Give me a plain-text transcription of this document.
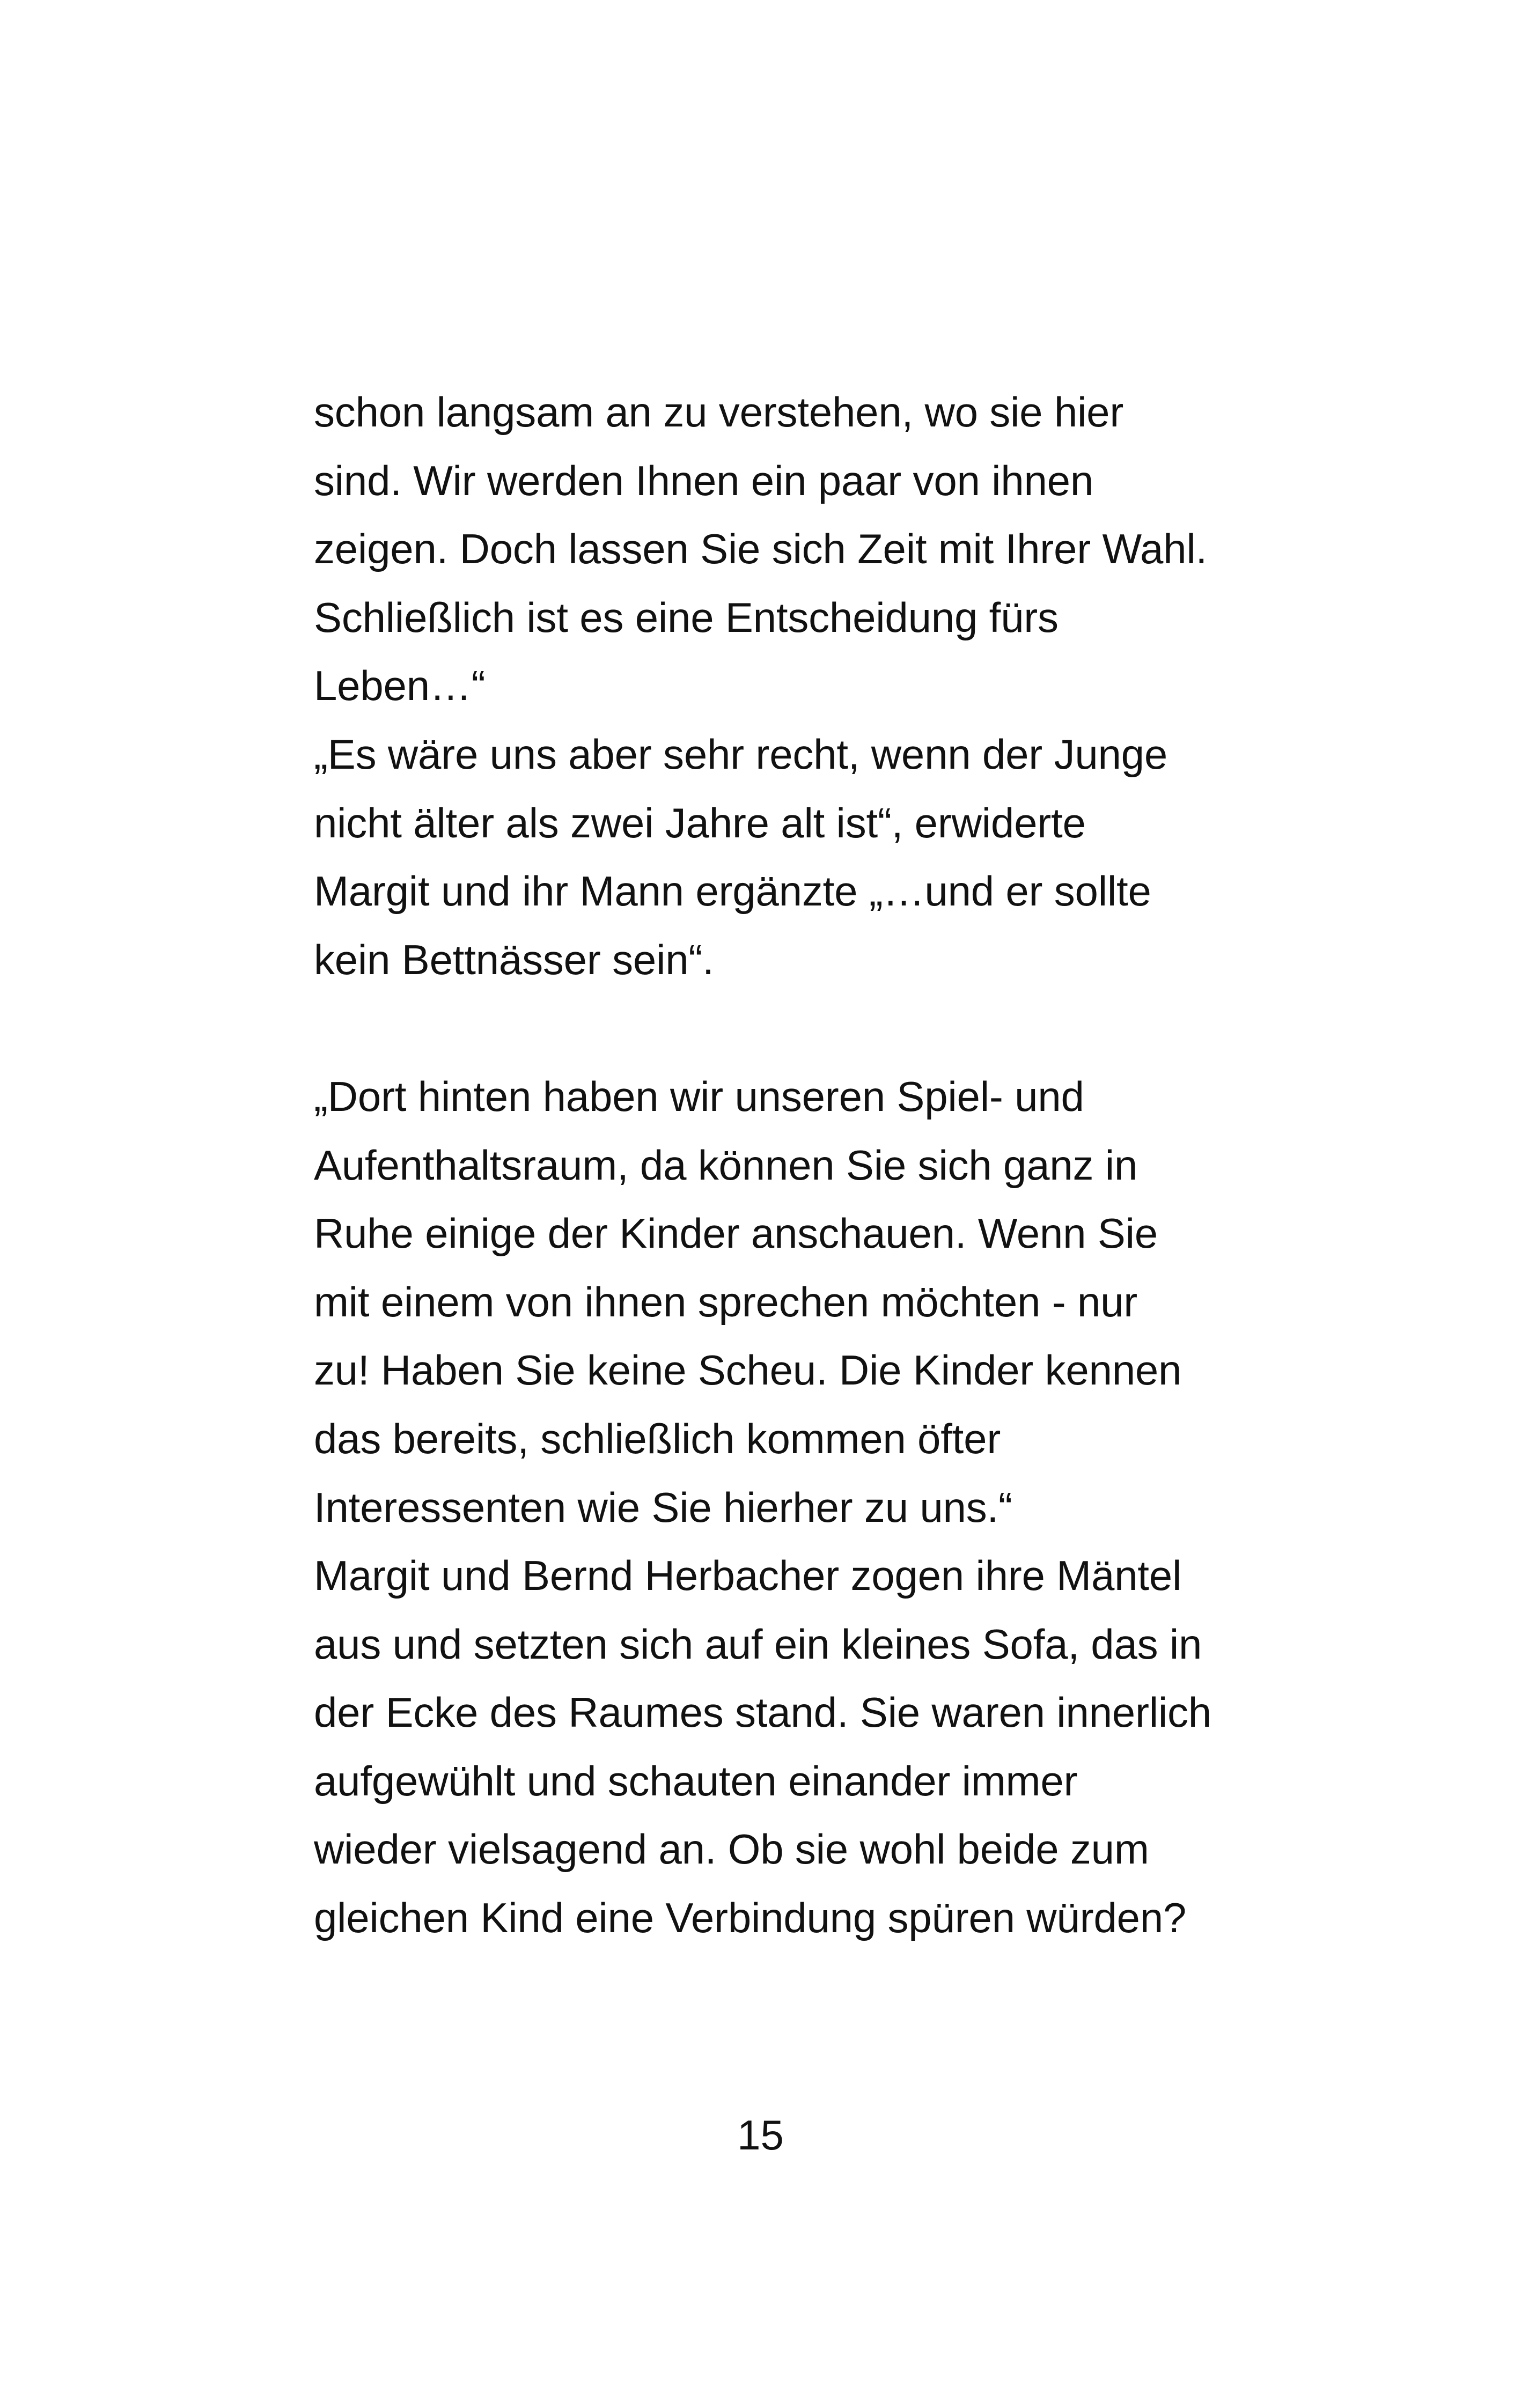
schon langsam an zu verstehen, wo sie hier
sind. Wir werden Ihnen ein paar von ihnen
zeigen. Doch lassen Sie sich Zeit mit Ihrer Wahl.
Schließlich ist es eine Entscheidung fürs
Leben…“
„Es wäre uns aber sehr recht, wenn der Junge
nicht älter als zwei Jahre alt ist“, erwiderte
Margit und ihr Mann ergänzte „…und er sollte
kein Bettnässer sein“.
„Dort hinten haben wir unseren Spiel- und
Aufenthaltsraum, da können Sie sich ganz in
Ruhe einige der Kinder anschauen. Wenn Sie
mit einem von ihnen sprechen möchten - nur
zu! Haben Sie keine Scheu. Die Kinder kennen
das bereits, schließlich kommen öfter
Interessenten wie Sie hierher zu uns.“
Margit und Bernd Herbacher zogen ihre Mäntel
aus und setzten sich auf ein kleines Sofa, das in
der Ecke des Raumes stand. Sie waren innerlich
aufgewühlt und schauten einander immer
wieder vielsagend an. Ob sie wohl beide zum
gleichen Kind eine Verbindung spüren würden?
15
